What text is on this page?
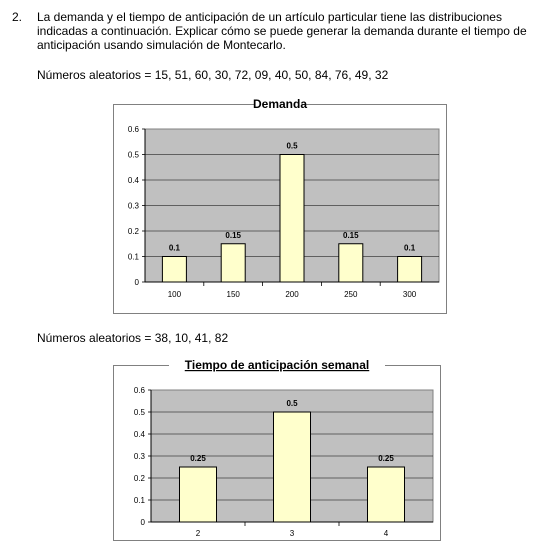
2. La demanda y el tiempo de anticipación de un artículo particular tiene las distribuciones indicadas a continuación. Explicar cómo se puede generar la demanda durante el tiempo de anticipación usando simulación de Montecarlo.
Números aleatorios = 15, 51, 60, 30, 72, 09, 40, 50, 84, 76, 49, 32
Demanda
0
0.1
0.2
0.3
0.4
0.5
0.6
0.1
100
0.15
150
0.5
200
0.15
250
0.1
300
Números aleatorios = 38, 10, 41, 82
Tiempo de anticipación semanal
0
0.1
0.2
0.3
0.4
0.5
0.6
0.25
2
0.5
3
0.25
4
